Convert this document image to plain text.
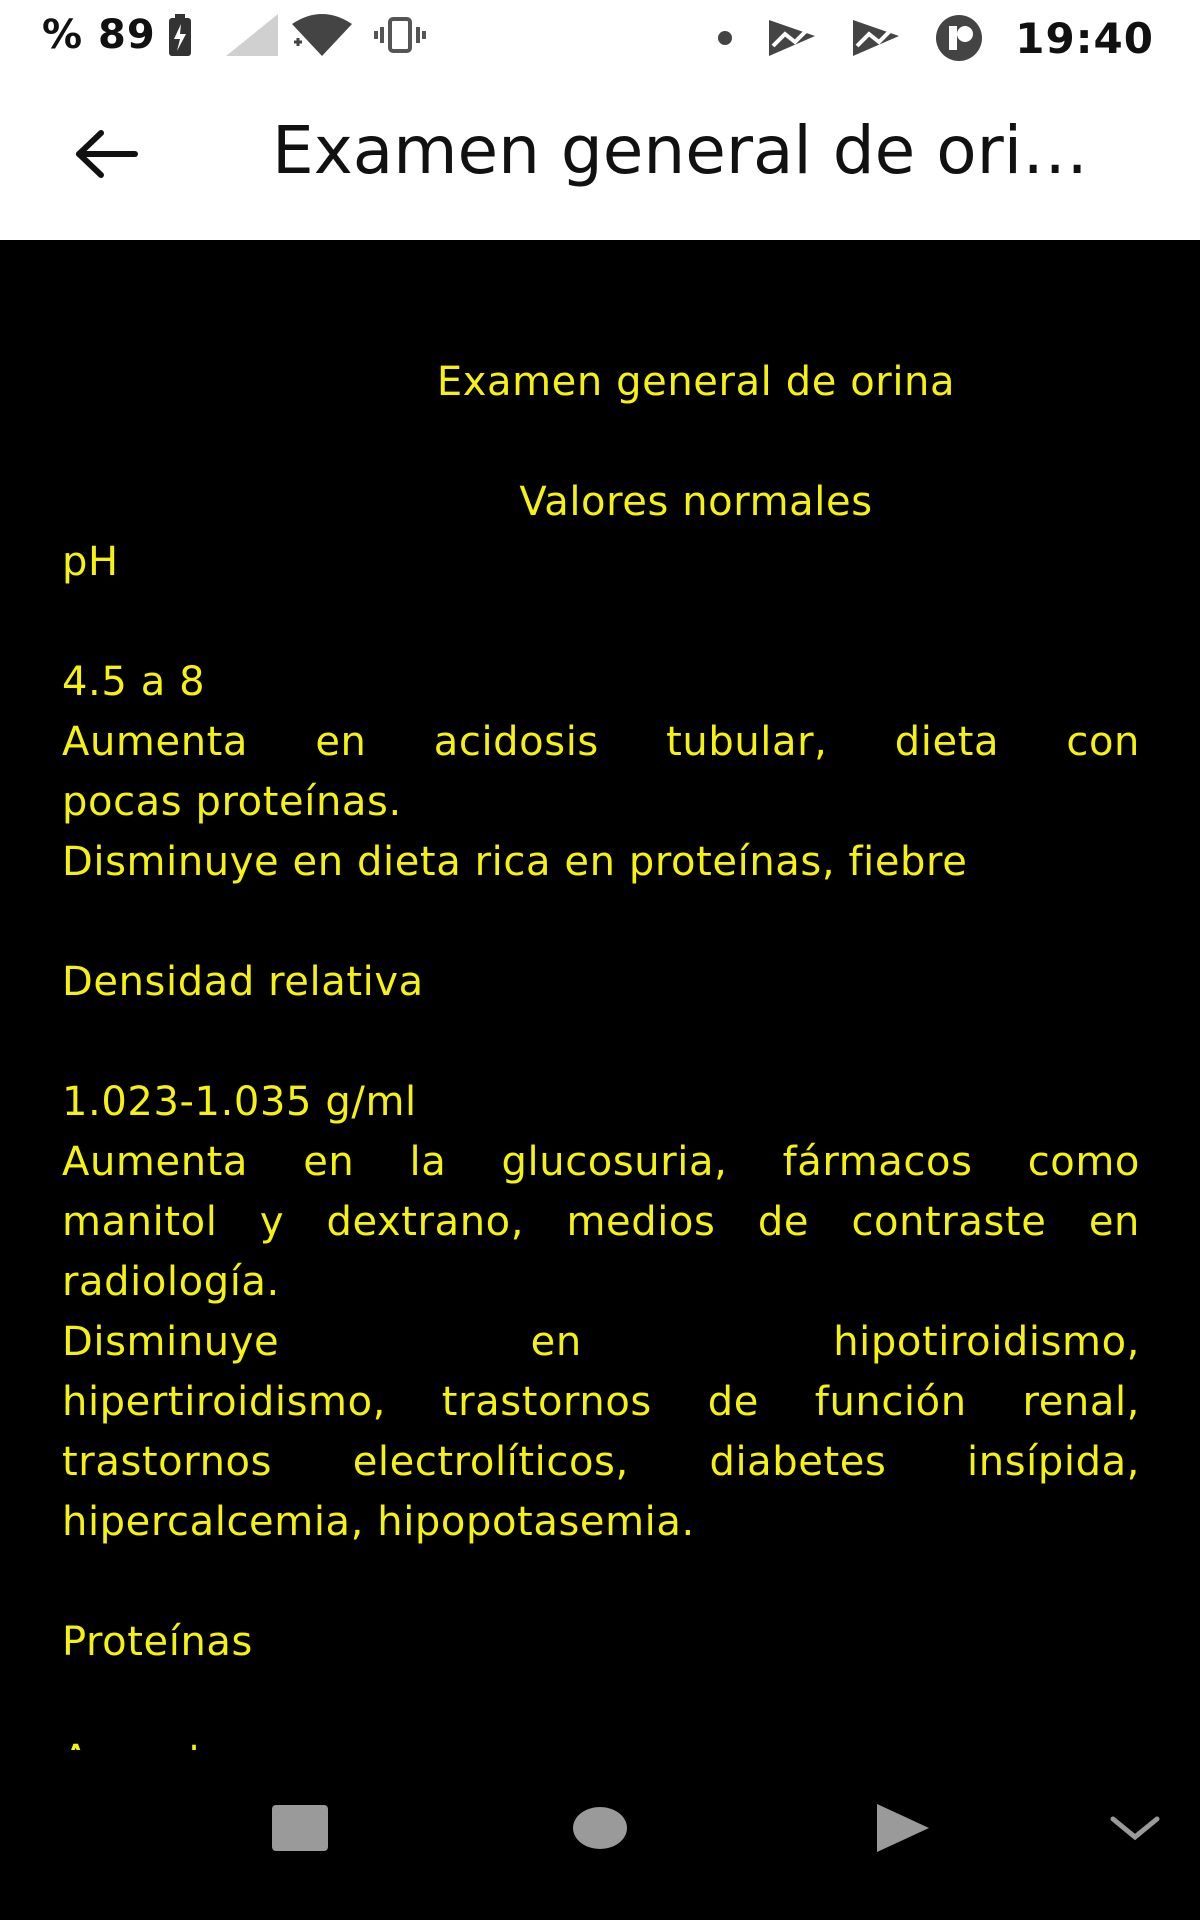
% 89	19:40
Examen general de ori…
Examen general de orina
Valores normales
pH
4.5 a 8
Aumenta en acidosis tubular, dieta con
pocas proteínas.
Disminuye en dieta rica en proteínas, fiebre
Densidad relativa
1.023-1.035 g/ml
Aumenta en la glucosuria, fármacos como
manitol y dextrano, medios de contraste en
radiología.
Disminuye en hipotiroidismo,
hipertiroidismo, trastornos de función renal,
trastornos electrolíticos, diabetes insípida,
hipercalcemia, hipopotasemia.
Proteínas
